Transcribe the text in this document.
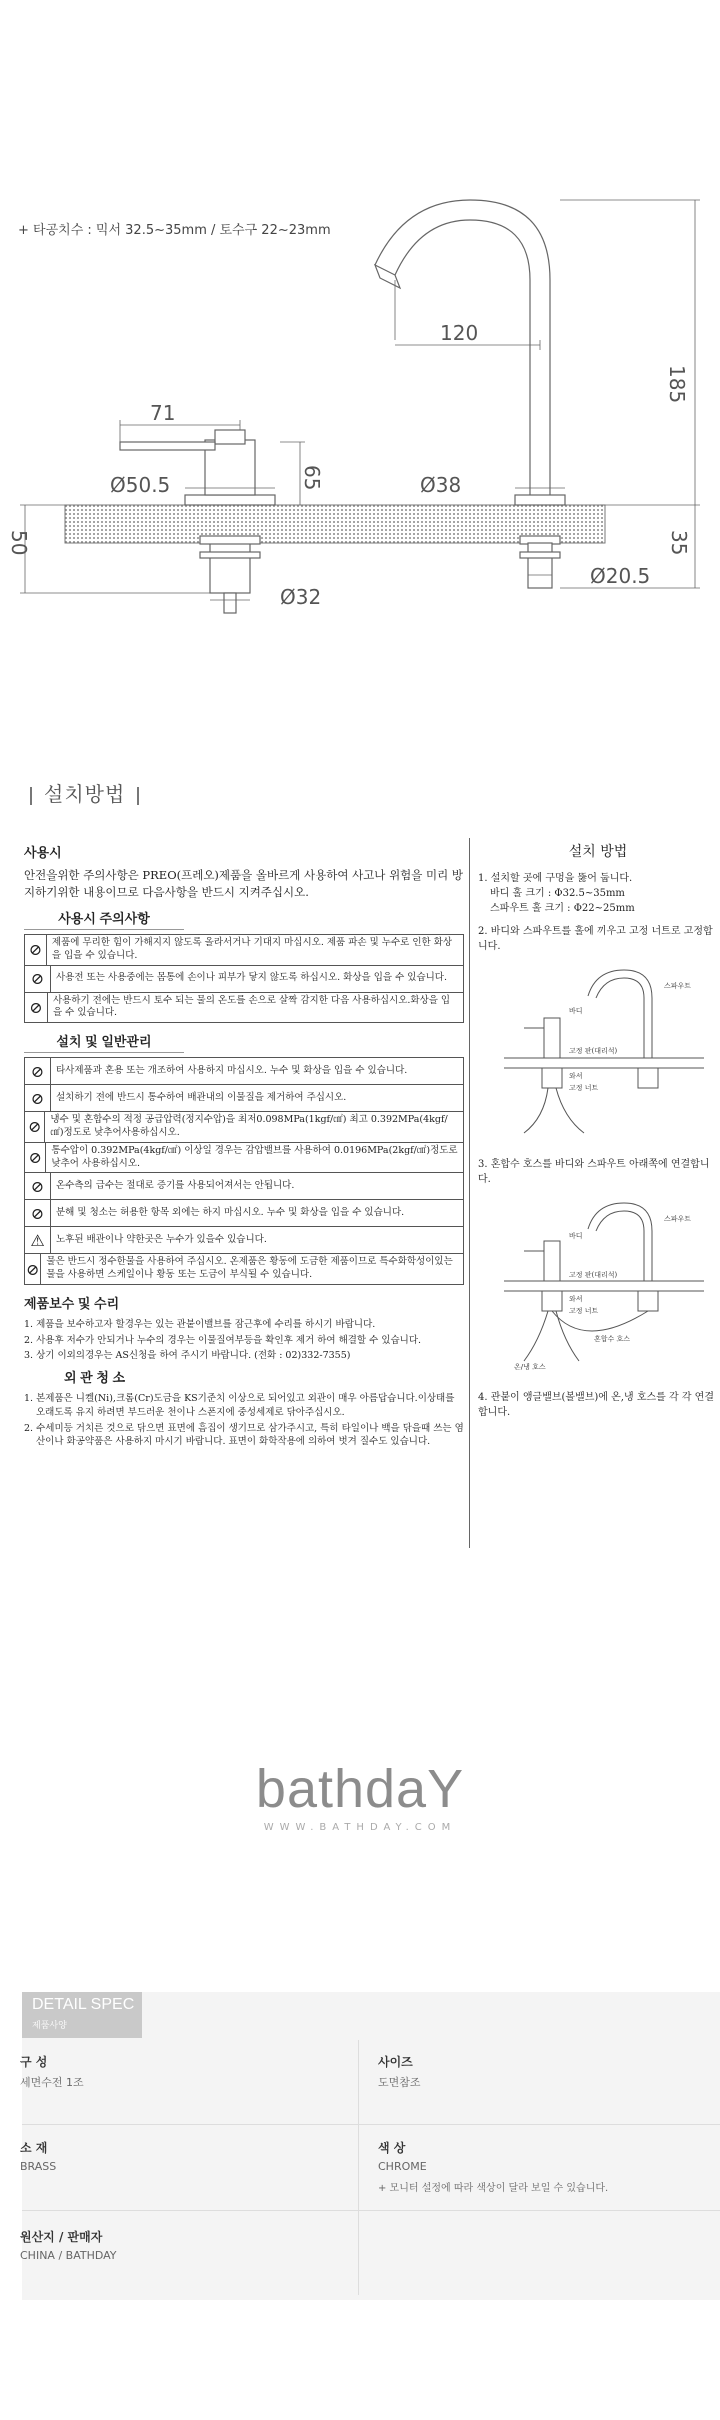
+ 타공치수 : 믹서 32.5~35mm / 토수구 22~23mm
71
120
185
65
Ø50.5	Ø38
50	35
Ø32
Ø20.5
설치방법
사용시
안전을위한 주의사항은 PREO(프레오)제품을 올바르게 사용하여 사고나 위험을 미리 방지하기위한 내용이므로 다음사항을 반드시 지켜주십시오.
사용시 주의사항
⊘	제품에 무리한 힘이 가해지지 않도록 올라서거나 기대지 마십시오. 제품 파손 및 누수로 인한 화상을 입을 수 있습니다.
⊘	사용전 또는 사용중에는 몸통에 손이나 피부가 닿지 않도록 하십시오. 화상을 입을 수 있습니다.
⊘	사용하기 전에는 반드시 토수 되는 물의 온도를 손으로 살짝 감지한 다음 사용하십시오.화상을 입을 수 있습니다.
설치 및 일반관리
⊘	타사제품과 혼용 또는 개조하여 사용하지 마십시오. 누수 및 화상을 입을 수 있습니다.
⊘	설치하기 전에 반드시 통수하여 배관내의 이물질을 제거하여 주십시오.
⊘ 냉수 및 혼합수의 적정 공급압력(정지수압)을 최저0.098MPa(1kgf/㎠) 최고 0.392MPa(4kgf/㎠)정도로 낮추어사용하십시오.
⊘	통수압이 0.392MPa(4kgf/㎠) 이상일 경우는 감압밸브를 사용하여 0.0196MPa(2kgf/㎠)정도로 낮추어 사용하십시오.
⊘	온수측의 급수는 절대로 증기를 사용되어져서는 안됩니다.
⊘	분해 및 청소는 허용한 항목 외에는 하지 마십시오. 누수 및 화상을 입을 수 있습니다.
⚠	노후된 배관이나 약한곳은 누수가 있을수 있습니다.
⊘ 물은 반드시 정수한물을 사용하여 주십시오. 온제품은 황동에 도금한 제품이므로 특수화학성이있는물을 사용하면 스케일이나 황동 또는 도금이 부식될 수 있습니다.
제품보수 및 수리

1. 제품을 보수하고자 할경우는 있는 관붙이밸브를 잠근후에 수리를 하시기 바랍니다.

2. 사용후 저수가 안되거나 누수의 경우는 이물질여부등을 확인후 제거 하여 해결할 수 있습니다.

3. 상기 이외의경우는 AS신청을 하여 주시기 바랍니다. (전화 : 02)332-7355)

외 관 청 소

1. 본제품은 니켈(Ni),크롬(Cr)도금을 KS기준치 이상으로 되어있고 외관이 매우 아름답습니다.이상태를 오래도록 유지 하려면 부드러운 천이나 스폰지에 중성세제로 닦아주십시오.

2. 수세미등 거치른 것으로 닦으면 표면에 흠집이 생기므로 삼가주시고, 특히 타일이나 백을 닦을때 쓰는 염산이나 화공약품은 사용하지 마시기 바랍니다. 표면이 화학작용에 의하여 벗겨 질수도 있습니다.

설치 방법
1. 설치할 곳에 구멍을 뚫어 둡니다.
바디 홀 크기 : Φ32.5~35mm
스파우트 홀 크기 : Φ22~25mm
2. 바디와 스파우트를 홀에 끼우고 고정 너트로 고정합니다.
스파우트
바디
고정 판(대리석)
와셔
고정 너트
3. 혼합수 호스를 바디와 스파우트 아래쪽에 연결합니다.
스파우트
바디
고정 판(대리석)
와셔
고정 너트
혼합수 호스
온/냉 호스
4. 관붙이 앵글밸브(볼밸브)에 온,냉 호스를 각 각 연결합니다.
bathdaY
WWW.BATHDAY.COM
DETAIL SPEC
제품사양
구 성
세면수전 1조
사이즈
도면참조
소 재
BRASS
색 상
CHROME
+ 모니터 설정에 따라 색상이 달라 보일 수 있습니다.
원산지 / 판매자
CHINA / BATHDAY
